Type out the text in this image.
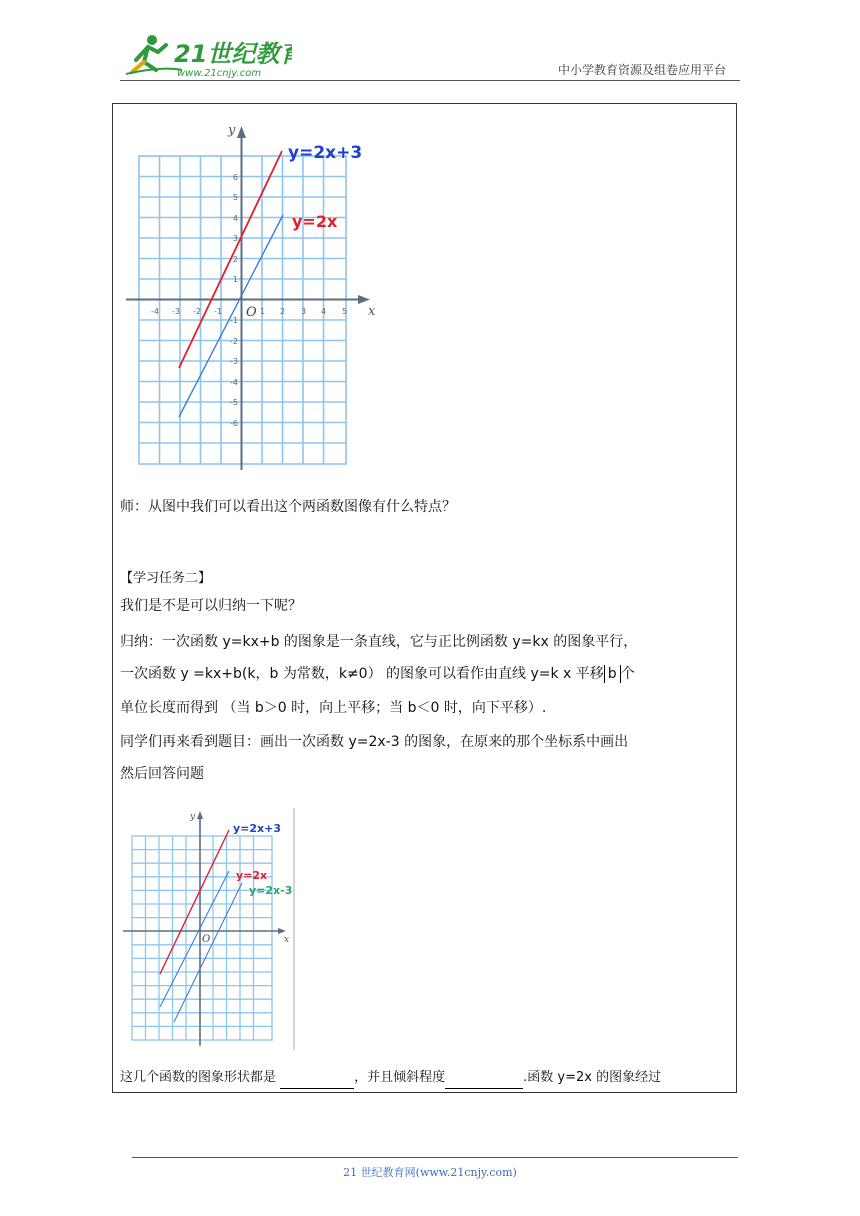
21世纪教育
www.21cnjy.com	中小学教育资源及组卷应用平台
x
y
O
-4 -3 -2 -1	1 2 3 4 5
6
5
4
3
2
1
-1
-2
-3
-4
-5
-6
y=2x+3
y=2x
师：从图中我们可以看出这个两函数图像有什么特点？
【学习任务二】
我们是不是可以归纳一下呢？
归纳：一次函数 y=kx+b 的图象是一条直线，它与正比例函数 y=kx 的图象平行，
一次函数 y =kx+b(k，b 为常数，k≠0） 的图象可以看作由直线 y=k x 平移 b 个
单位长度而得到 （当 b＞0 时，向上平移；当 b＜0 时，向下平移）.
同学们再来看到题目：画出一次函数 y=2x-3 的图象，在原来的那个坐标系中画出
然后回答问题
x
y
O
y=2x+3
y=2x
y=2x-3
这几个函数的图象形状都是	，并且倾斜程度	.函数 y=2x 的图象经过
21 世纪教育网(www.21cnjy.com)
